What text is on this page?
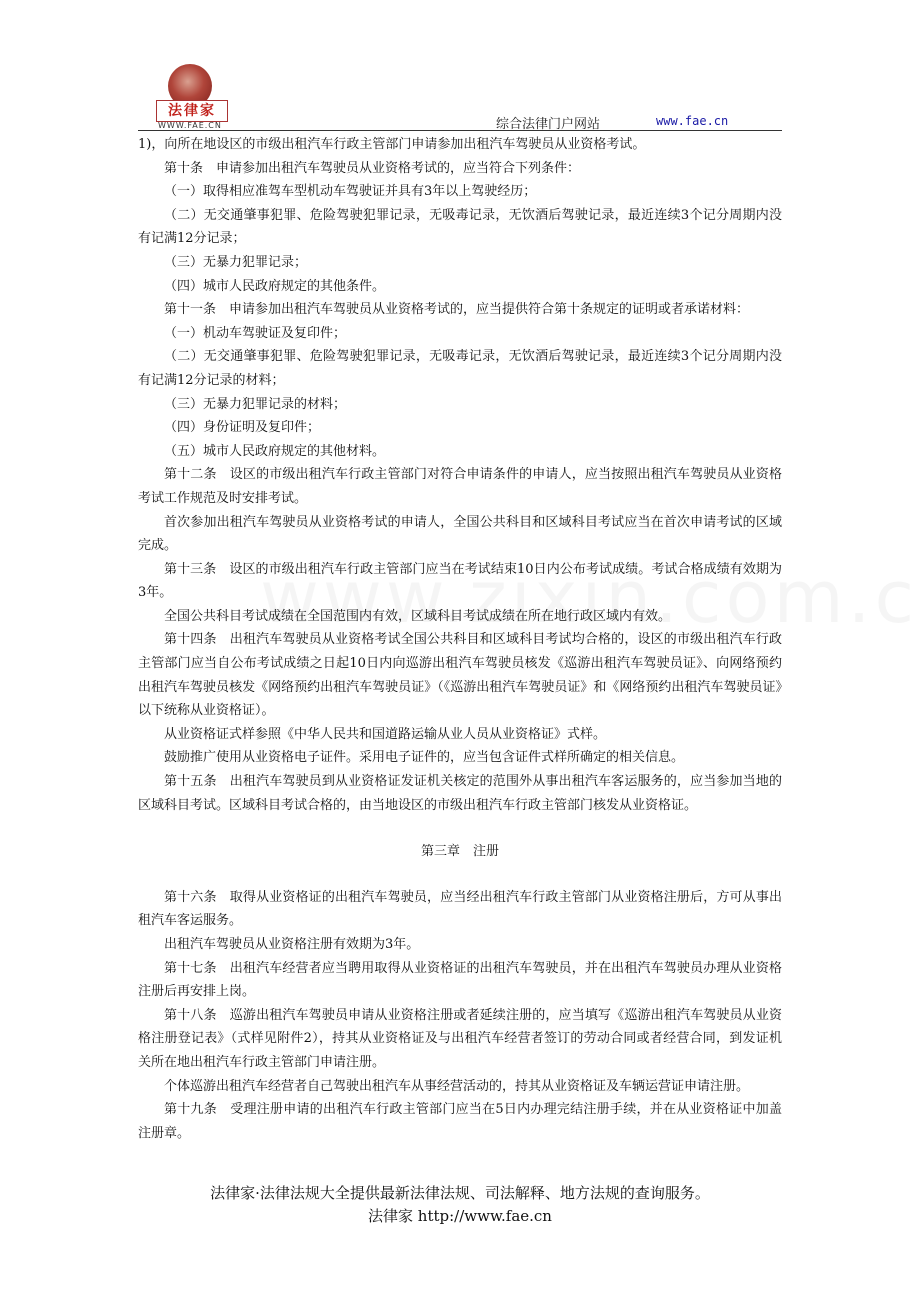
法律家
WWW.FAE.CN	综合法律门户网站	www.fae.cn

1)，向所在地设区的市级出租汽车行政主管部门申请参加出租汽车驾驶员从业资格考试。

第十条　申请参加出租汽车驾驶员从业资格考试的，应当符合下列条件：

（一）取得相应准驾车型机动车驾驶证并具有3年以上驾驶经历；

（二）无交通肇事犯罪、危险驾驶犯罪记录，无吸毒记录，无饮酒后驾驶记录，最近连续3个记分周期内没有记满12分记录；

（三）无暴力犯罪记录；

（四）城市人民政府规定的其他条件。

第十一条　申请参加出租汽车驾驶员从业资格考试的，应当提供符合第十条规定的证明或者承诺材料：

（一）机动车驾驶证及复印件；

（二）无交通肇事犯罪、危险驾驶犯罪记录，无吸毒记录，无饮酒后驾驶记录，最近连续3个记分周期内没有记满12分记录的材料；

（三）无暴力犯罪记录的材料；

（四）身份证明及复印件；

（五）城市人民政府规定的其他材料。

第十二条　设区的市级出租汽车行政主管部门对符合申请条件的申请人，应当按照出租汽车驾驶员从业资格考试工作规范及时安排考试。

首次参加出租汽车驾驶员从业资格考试的申请人，全国公共科目和区域科目考试应当在首次申请考试的区域完成。

第十三条　设区的市级出租汽车行政主管部门应当在考试结束10日内公布考试成绩。考试合格成绩有效期为3年。

全国公共科目考试成绩在全国范围内有效，区域科目考试成绩在所在地行政区域内有效。

第十四条　出租汽车驾驶员从业资格考试全国公共科目和区域科目考试均合格的，设区的市级出租汽车行政主管部门应当自公布考试成绩之日起10日内向巡游出租汽车驾驶员核发《巡游出租汽车驾驶员证》、向网络预约出租汽车驾驶员核发《网络预约出租汽车驾驶员证》（《巡游出租汽车驾驶员证》和《网络预约出租汽车驾驶员证》以下统称从业资格证）。

从业资格证式样参照《中华人民共和国道路运输从业人员从业资格证》式样。

鼓励推广使用从业资格电子证件。采用电子证件的，应当包含证件式样所确定的相关信息。

第十五条　出租汽车驾驶员到从业资格证发证机关核定的范围外从事出租汽车客运服务的，应当参加当地的区域科目考试。区域科目考试合格的，由当地设区的市级出租汽车行政主管部门核发从业资格证。

第三章　注册

第十六条　取得从业资格证的出租汽车驾驶员，应当经出租汽车行政主管部门从业资格注册后，方可从事出租汽车客运服务。

出租汽车驾驶员从业资格注册有效期为3年。

第十七条　出租汽车经营者应当聘用取得从业资格证的出租汽车驾驶员，并在出租汽车驾驶员办理从业资格注册后再安排上岗。

第十八条　巡游出租汽车驾驶员申请从业资格注册或者延续注册的，应当填写《巡游出租汽车驾驶员从业资格注册登记表》（式样见附件2），持其从业资格证及与出租汽车经营者签订的劳动合同或者经营合同，到发证机关所在地出租汽车行政主管部门申请注册。

个体巡游出租汽车经营者自己驾驶出租汽车从事经营活动的，持其从业资格证及车辆运营证申请注册。

第十九条　受理注册申请的出租汽车行政主管部门应当在5日内办理完结注册手续，并在从业资格证中加盖注册章。

法律家·法律法规大全提供最新法律法规、司法解释、地方法规的查询服务。
法律家 http://www.fae.cn
